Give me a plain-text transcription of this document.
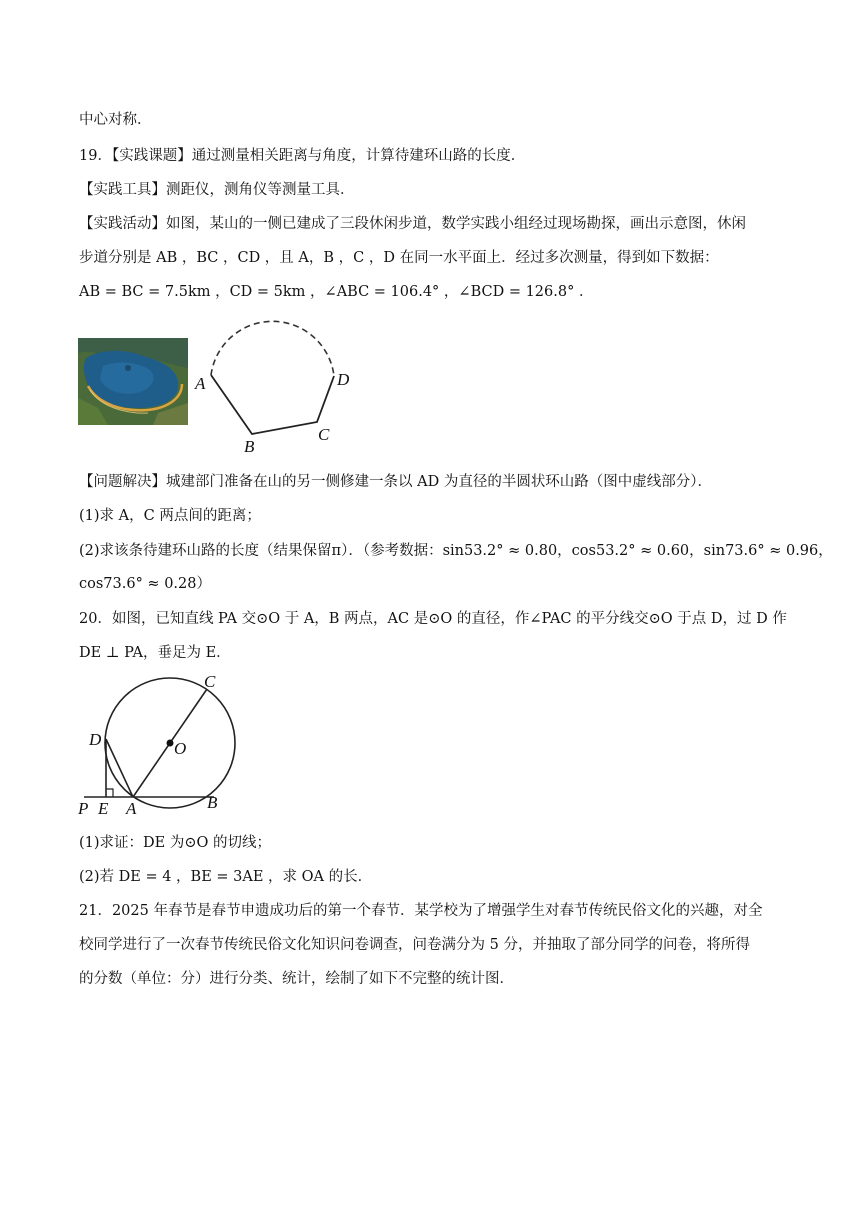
中心对称．
19．【实践课题】通过测量相关距离与角度，计算待建环山路的长度．
【实践工具】测距仪，测角仪等测量工具．
【实践活动】如图，某山的一侧已建成了三段休闲步道，数学实践小组经过现场勘探，画出示意图，休闲
步道分别是 AB ，BC ，CD ，且 A，B ，C ，D 在同一水平面上．经过多次测量，得到如下数据：
AB = BC = 7.5km ，CD = 5km ，∠ABC = 106.4° ，∠BCD = 126.8° ．
A
B
C
D
【问题解决】城建部门准备在山的另一侧修建一条以 AD 为直径的半圆状环山路（图中虚线部分）．
(1)求 A，C 两点间的距离；
(2)求该条待建环山路的长度（结果保留π）．（参考数据：sin53.2° ≈ 0.80，cos53.2° ≈ 0.60，sin73.6° ≈ 0.96，
cos73.6° ≈ 0.28）
20．如图，已知直线 PA 交⊙O 于 A，B 两点，AC 是⊙O 的直径，作∠PAC 的平分线交⊙O 于点 D，过 D 作
DE ⊥ PA，垂足为 E．
C
D	O
P E A	B
(1)求证：DE 为⊙O 的切线；
(2)若 DE = 4 ，BE = 3AE ，求 OA 的长．
21．2025 年春节是春节申遗成功后的第一个春节．某学校为了增强学生对春节传统民俗文化的兴趣，对全
校同学进行了一次春节传统民俗文化知识问卷调查，问卷满分为 5 分，并抽取了部分同学的问卷，将所得
的分数（单位：分）进行分类、统计，绘制了如下不完整的统计图．
